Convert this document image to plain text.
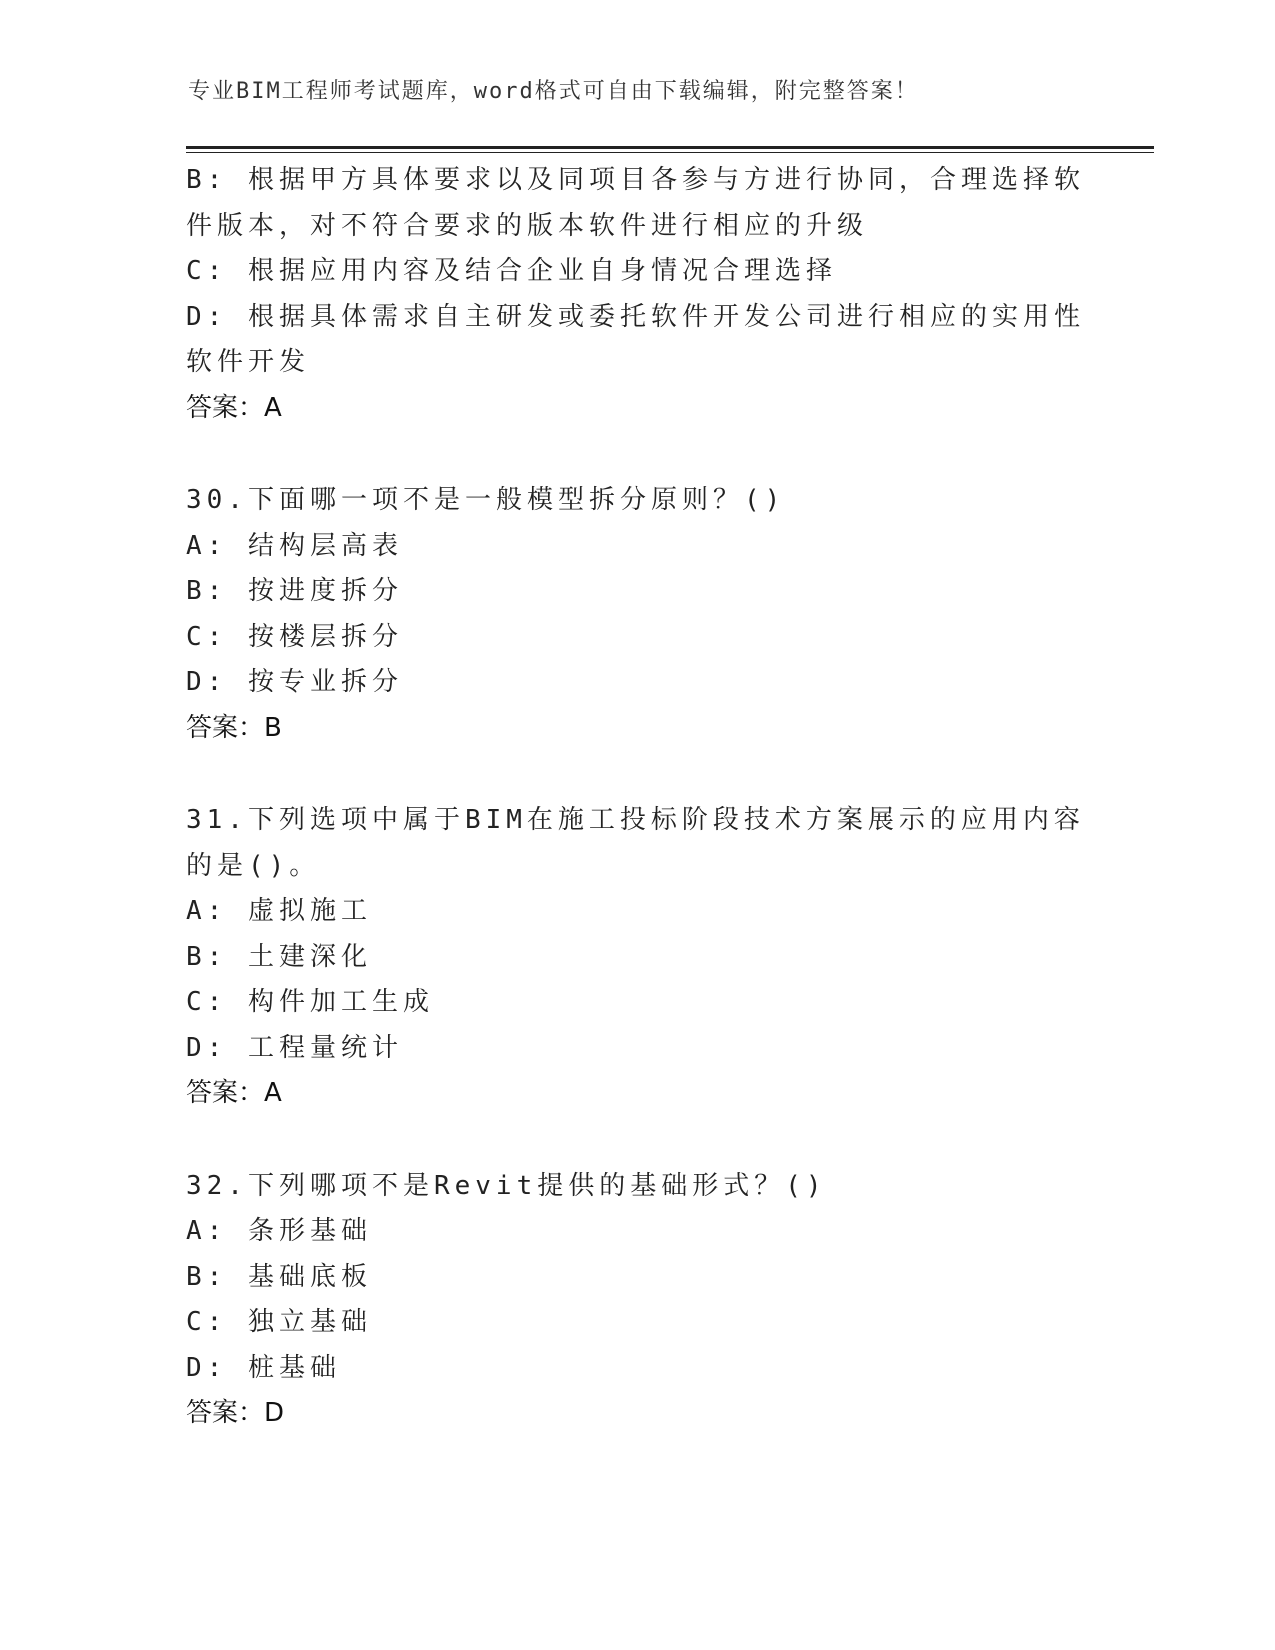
专业BIM工程师考试题库，word格式可自由下载编辑，附完整答案！
B: 根据甲方具体要求以及同项目各参与方进行协同，合理选择软件版本，对不符合要求的版本软件进行相应的升级
C: 根据应用内容及结合企业自身情况合理选择
D: 根据具体需求自主研发或委托软件开发公司进行相应的实用性软件开发
答案：A
30.下面哪一项不是一般模型拆分原则？()
A: 结构层高表
B: 按进度拆分
C: 按楼层拆分
D: 按专业拆分
答案：B
31.下列选项中属于BIM在施工投标阶段技术方案展示的应用内容的是()。
A: 虚拟施工
B: 土建深化
C: 构件加工生成
D: 工程量统计
答案：A
32.下列哪项不是Revit提供的基础形式？()
A: 条形基础
B: 基础底板
C: 独立基础
D: 桩基础
答案：D
